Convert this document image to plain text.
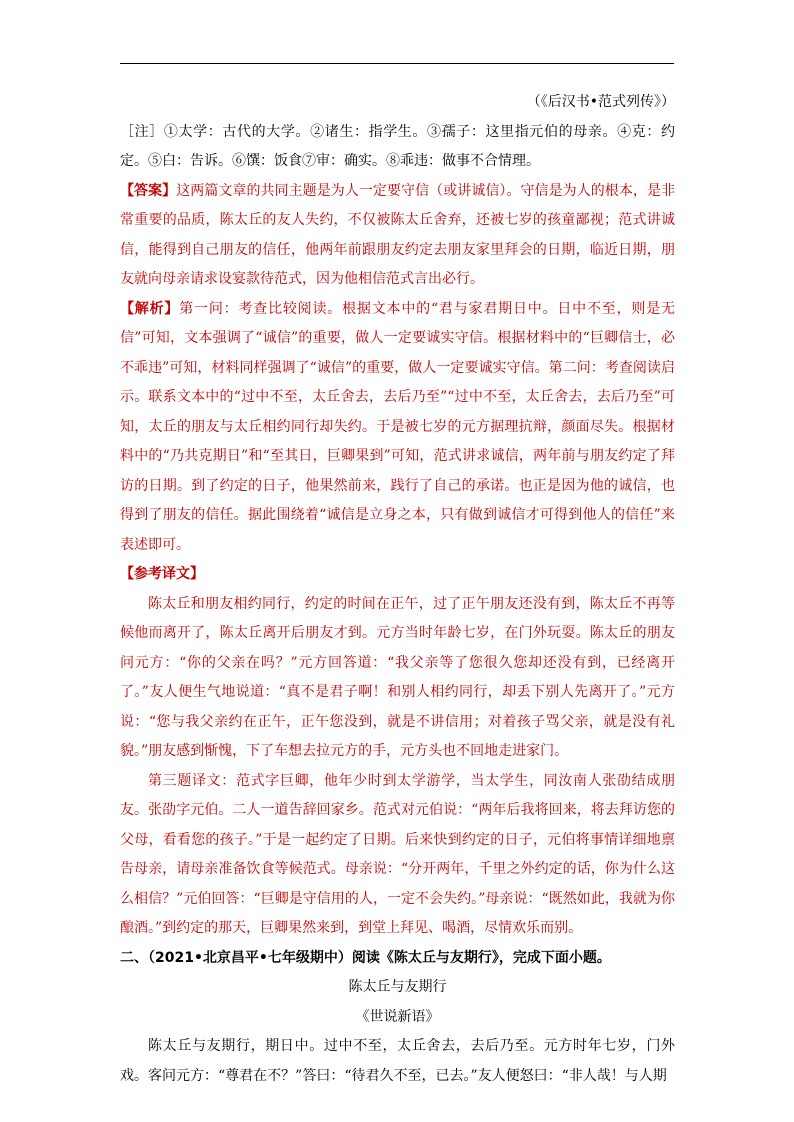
（《后汉书•范式列传》）

［注］①太学：古代的大学。②诸生：指学生。③孺子：这里指元伯的母亲。④克：约定。⑤白：告诉。⑥馔：饭食⑦审：确实。⑧乖违：做事不合情理。

【答案】这两篇文章的共同主题是为人一定要守信（或讲诚信）。守信是为人的根本，是非常重要的品质，陈太丘的友人失约，不仅被陈太丘舍弃，还被七岁的孩童鄙视；范式讲诚信，能得到自己朋友的信任，他两年前跟朋友约定去朋友家里拜会的日期，临近日期，朋友就向母亲请求设宴款待范式，因为他相信范式言出必行。

【解析】第一问：考查比较阅读。根据文本中的“君与家君期日中。日中不至，则是无信”可知，文本强调了“诚信”的重要，做人一定要诚实守信。根据材料中的“巨卿信士，必不乖违”可知，材料同样强调了“诚信”的重要，做人一定要诚实守信。第二问：考查阅读启示。联系文本中的“过中不至，太丘舍去，去后乃至”“过中不至，太丘舍去，去后乃至”可知，太丘的朋友与太丘相约同行却失约。于是被七岁的元方据理抗辩，颜面尽失。根据材料中的“乃共克期日”和“至其日，巨卿果到”可知，范式讲求诚信，两年前与朋友约定了拜访的日期。到了约定的日子，他果然前来，践行了自己的承诺。也正是因为他的诚信，也得到了朋友的信任。据此围绕着“诚信是立身之本，只有做到诚信才可得到他人的信任”来表述即可。

【参考译文】

陈太丘和朋友相约同行，约定的时间在正午，过了正午朋友还没有到，陈太丘不再等候他而离开了，陈太丘离开后朋友才到。元方当时年龄七岁，在门外玩耍。陈太丘的朋友问元方：“你的父亲在吗？”元方回答道：“我父亲等了您很久您却还没有到，已经离开了。”友人便生气地说道：“真不是君子啊！和别人相约同行，却丢下别人先离开了。”元方说：“您与我父亲约在正午，正午您没到，就是不讲信用；对着孩子骂父亲，就是没有礼貌。”朋友感到惭愧，下了车想去拉元方的手，元方头也不回地走进家门。

第三题译文：范式字巨卿，他年少时到太学游学，当太学生，同汝南人张劭结成朋友。张劭字元伯。二人一道告辞回家乡。范式对元伯说：“两年后我将回来，将去拜访您的父母，看看您的孩子。”于是一起约定了日期。后来快到约定的日子，元伯将事情详细地禀告母亲，请母亲准备饮食等候范式。母亲说：“分开两年，千里之外约定的话，你为什么这么相信？”元伯回答：“巨卿是守信用的人，一定不会失约。”母亲说：“既然如此，我就为你酿酒。”到约定的那天，巨卿果然来到，到堂上拜见、喝酒，尽情欢乐而别。

二、（2021•北京昌平•七年级期中）阅读《陈太丘与友期行》，完成下面小题。

陈太丘与友期行

《世说新语》

陈太丘与友期行，期日中。过中不至，太丘舍去，去后乃至。元方时年七岁，门外戏。客问元方：“尊君在不？”答曰：“待君久不至，已去。”友人便怒曰：“非人哉！与人期
